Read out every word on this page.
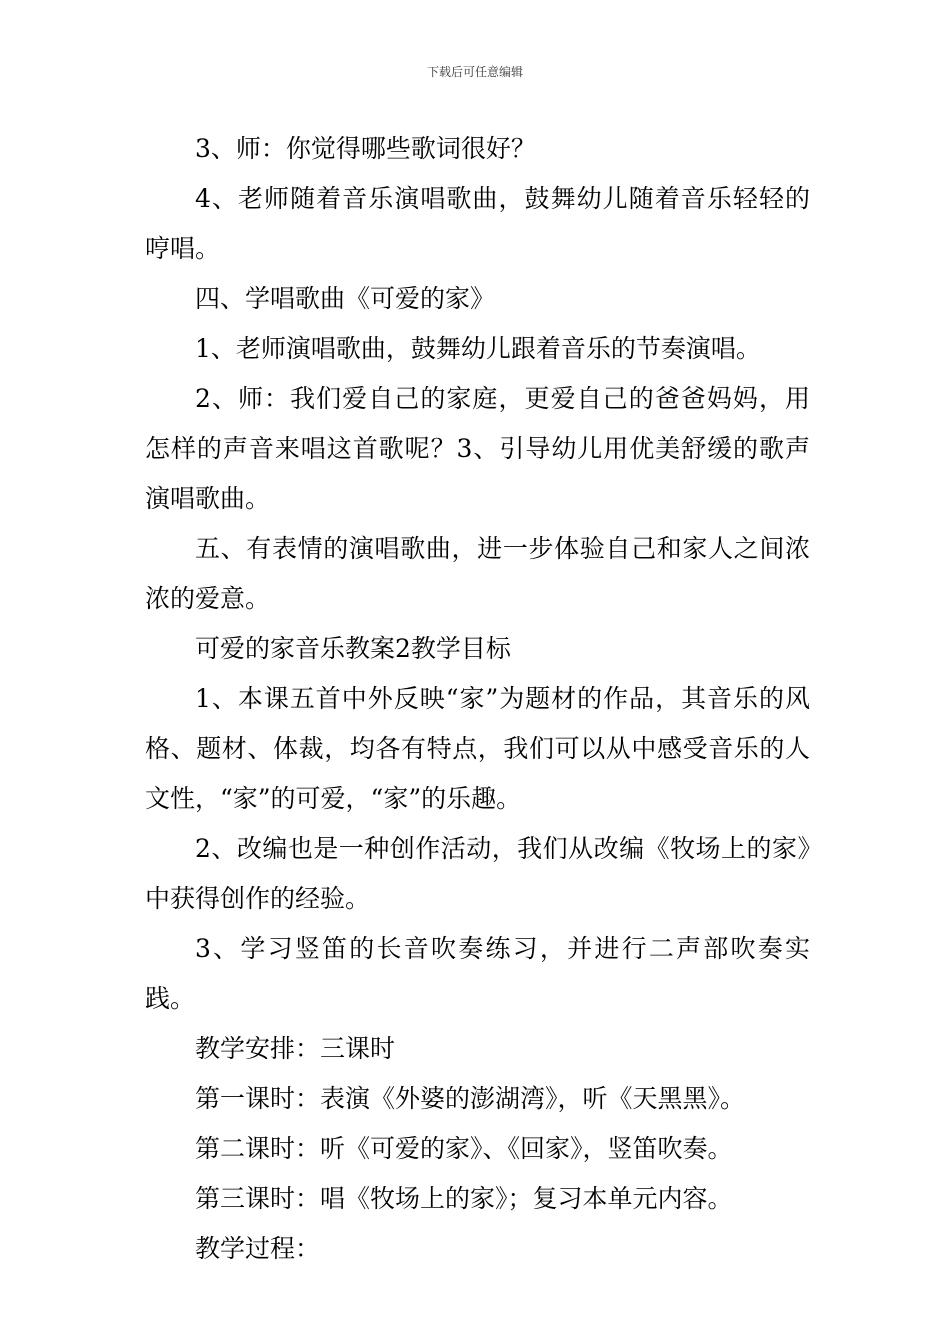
下载后可任意编辑

3、师：你觉得哪些歌词很好？

4、老师随着音乐演唱歌曲，鼓舞幼儿随着音乐轻轻的哼唱。

四、学唱歌曲《可爱的家》

1、老师演唱歌曲，鼓舞幼儿跟着音乐的节奏演唱。

2、师：我们爱自己的家庭，更爱自己的爸爸妈妈，用怎样的声音来唱这首歌呢？3、引导幼儿用优美舒缓的歌声演唱歌曲。

五、有表情的演唱歌曲，进一步体验自己和家人之间浓浓的爱意。

可爱的家音乐教案2教学目标

1、本课五首中外反映“家”为题材的作品，其音乐的风格、题材、体裁，均各有特点，我们可以从中感受音乐的人文性，“家”的可爱，“家”的乐趣。

2、改编也是一种创作活动，我们从改编《牧场上的家》中获得创作的经验。

3、学习竖笛的长音吹奏练习，并进行二声部吹奏实践。

教学安排：三课时

第一课时：表演《外婆的澎湖湾》，听《天黑黑》。

第二课时：听《可爱的家》、《回家》，竖笛吹奏。

第三课时：唱《牧场上的家》；复习本单元内容。

教学过程：
